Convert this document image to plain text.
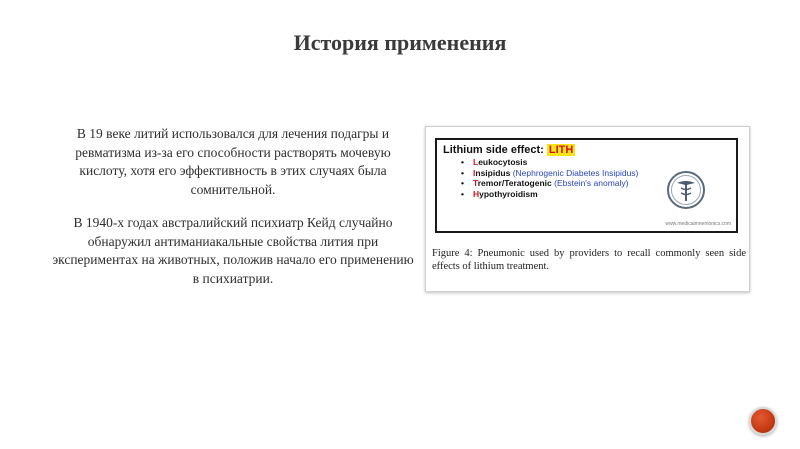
История применения

В 19 веке литий использовался для лечения подагры и ревматизма из-за его способности растворять мочевую кислоту, хотя его эффективность в этих случаях была сомнительной.

В 1940-х годах австралийский психиатр Кейд случайно обнаружил антиманиакальные свойства лития при экспериментах на животных, положив начало его применению в психиатрии.

Lithium side effect: LITH
• Leukocytosis
• Insipidus (Nephrogenic Diabetes Insipidus)
• Tremor/Teratogenic (Ebstein's anomaly)
• Hypothyroidism
www.medicalmnemonics.com
Figure 4: Pneumonic used by providers to recall commonly seen side effects of lithium treatment.
